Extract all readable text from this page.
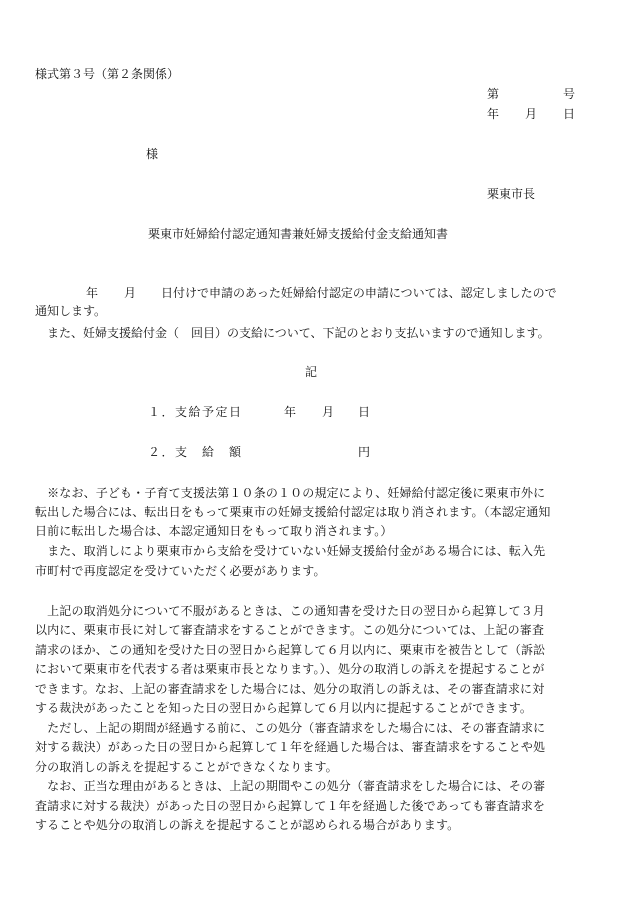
様式第３号（第２条関係）
第	号
年 月 日
様
栗東市長
栗東市妊婦給付認定通知書兼妊婦支援給付金支給通知書
年 月 日付けで申請のあった妊婦給付認定の申請については、認定しましたので
通知します。
　また、妊婦支援給付金（　回目）の支給について、下記のとおり支払いますので通知します。
記
１．支給予定日	年 月 日
２．支　給　額	円
　※なお、子ども・子育て支援法第１０条の１０の規定により、妊婦給付認定後に栗東市外に
転出した場合には、転出日をもって栗東市の妊婦支援給付認定は取り消されます。（本認定通知
日前に転出した場合は、本認定通知日をもって取り消されます。）
　また、取消しにより栗東市から支給を受けていない妊婦支援給付金がある場合には、転入先
市町村で再度認定を受けていただく必要があります。
　上記の取消処分について不服があるときは、この通知書を受けた日の翌日から起算して３月
以内に、栗東市長に対して審査請求をすることができます。この処分については、上記の審査
請求のほか、この通知を受けた日の翌日から起算して６月以内に、栗東市を被告として（訴訟
において栗東市を代表する者は栗東市長となります。）、処分の取消しの訴えを提起することが
できます。なお、上記の審査請求をした場合には、処分の取消しの訴えは、その審査請求に対
する裁決があったことを知った日の翌日から起算して６月以内に提起することができます。
　ただし、上記の期間が経過する前に、この処分（審査請求をした場合には、その審査請求に
対する裁決）があった日の翌日から起算して１年を経過した場合は、審査請求をすることや処
分の取消しの訴えを提起することができなくなります。
　なお、正当な理由があるときは、上記の期間やこの処分（審査請求をした場合には、その審
査請求に対する裁決）があった日の翌日から起算して１年を経過した後であっても審査請求を
することや処分の取消しの訴えを提起することが認められる場合があります。
